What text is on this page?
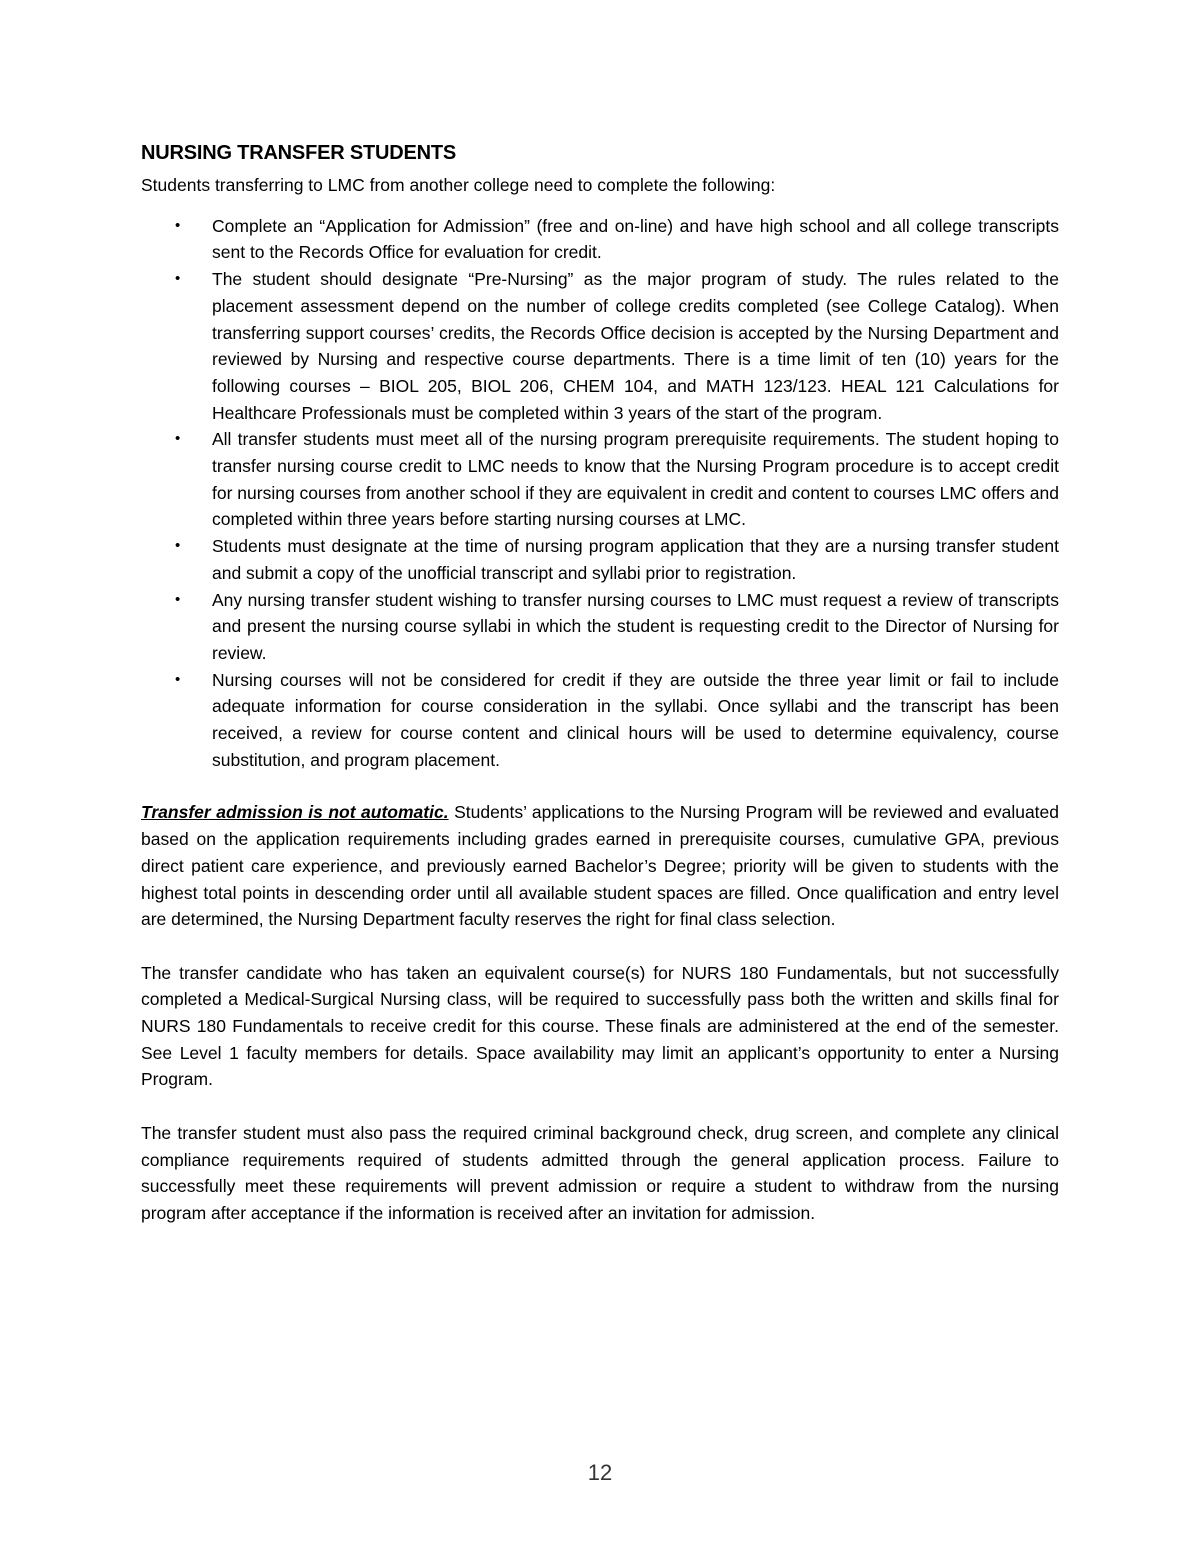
NURSING TRANSFER STUDENTS

Students transferring to LMC from another college need to complete the following:

• Complete an “Application for Admission” (free and on-line) and have high school and all college transcripts sent to the Records Office for evaluation for credit.
• The student should designate “Pre-Nursing” as the major program of study. The rules related to the placement assessment depend on the number of college credits completed (see College Catalog). When transferring support courses’ credits, the Records Office decision is accepted by the Nursing Department and reviewed by Nursing and respective course departments. There is a time limit of ten (10) years for the following courses – BIOL 205, BIOL 206, CHEM 104, and MATH 123/123. HEAL 121 Calculations for Healthcare Professionals must be completed within 3 years of the start of the program.
• All transfer students must meet all of the nursing program prerequisite requirements. The student hoping to transfer nursing course credit to LMC needs to know that the Nursing Program procedure is to accept credit for nursing courses from another school if they are equivalent in credit and content to courses LMC offers and completed within three years before starting nursing courses at LMC.
• Students must designate at the time of nursing program application that they are a nursing transfer student and submit a copy of the unofficial transcript and syllabi prior to registration.
• Any nursing transfer student wishing to transfer nursing courses to LMC must request a review of transcripts and present the nursing course syllabi in which the student is requesting credit to the Director of Nursing for review.
• Nursing courses will not be considered for credit if they are outside the three year limit or fail to include adequate information for course consideration in the syllabi. Once syllabi and the transcript has been received, a review for course content and clinical hours will be used to determine equivalency, course substitution, and program placement.

Transfer admission is not automatic. Students’ applications to the Nursing Program will be reviewed and evaluated based on the application requirements including grades earned in prerequisite courses, cumulative GPA, previous direct patient care experience, and previously earned Bachelor’s Degree; priority will be given to students with the highest total points in descending order until all available student spaces are filled. Once qualification and entry level are determined, the Nursing Department faculty reserves the right for final class selection.

The transfer candidate who has taken an equivalent course(s) for NURS 180 Fundamentals, but not successfully completed a Medical-Surgical Nursing class, will be required to successfully pass both the written and skills final for NURS 180 Fundamentals to receive credit for this course. These finals are administered at the end of the semester. See Level 1 faculty members for details. Space availability may limit an applicant’s opportunity to enter a Nursing Program.

The transfer student must also pass the required criminal background check, drug screen, and complete any clinical compliance requirements required of students admitted through the general application process. Failure to successfully meet these requirements will prevent admission or require a student to withdraw from the nursing program after acceptance if the information is received after an invitation for admission.

12
